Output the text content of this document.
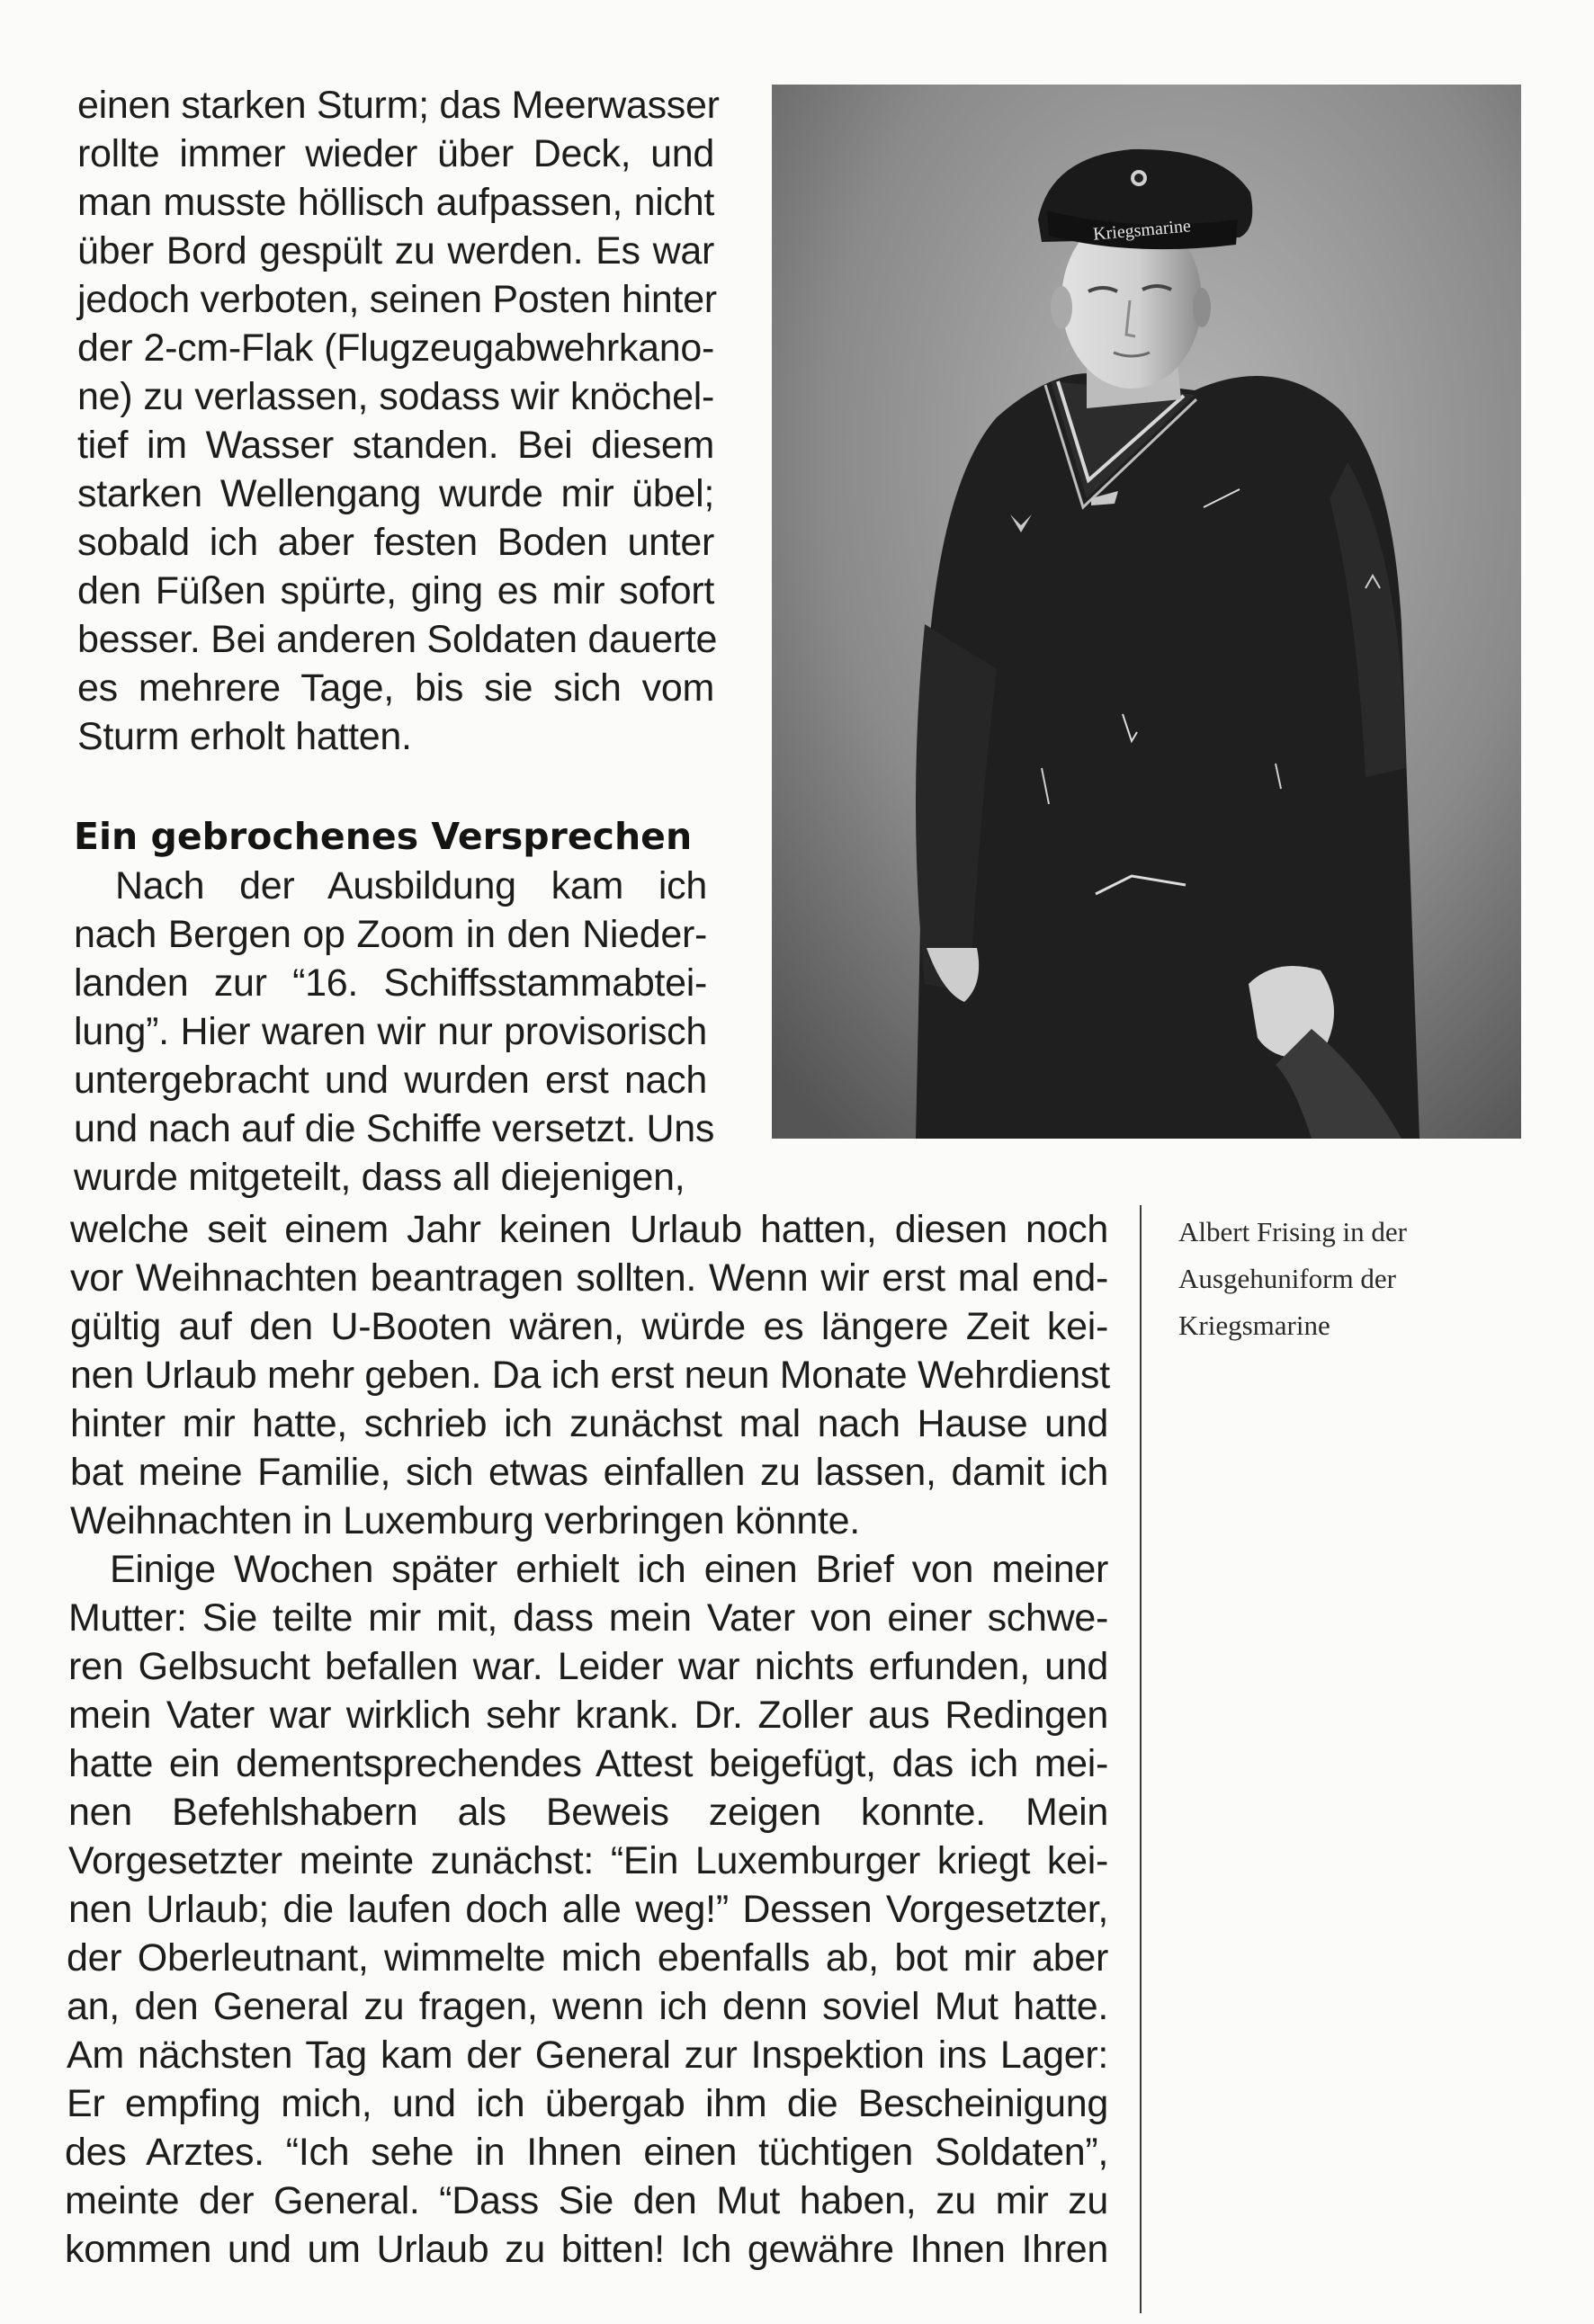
einen starken Sturm; das Meerwasser

rollte immer wieder über Deck, und

man musste höllisch aufpassen, nicht

über Bord gespült zu werden. Es war

jedoch verboten, seinen Posten hinter

der 2-cm-Flak (Flugzeugabwehrkano-

ne) zu verlassen, sodass wir knöchel-

tief im Wasser standen. Bei diesem

starken Wellengang wurde mir übel;

sobald ich aber festen Boden unter

den Füßen spürte, ging es mir sofort

besser. Bei anderen Soldaten dauerte

es mehrere Tage, bis sie sich vom

Sturm erholt hatten.

Ein gebrochenes Versprechen

Nach der Ausbildung kam ich

nach Bergen op Zoom in den Nieder-

landen zur “16. Schiffsstammabtei-

lung”. Hier waren wir nur provisorisch

untergebracht und wurden erst nach

und nach auf die Schiffe versetzt. Uns

wurde mitgeteilt, dass all diejenigen,

welche seit einem Jahr keinen Urlaub hatten, diesen noch

vor Weihnachten beantragen sollten. Wenn wir erst mal end-

gültig auf den U-Booten wären, würde es längere Zeit kei-

nen Urlaub mehr geben. Da ich erst neun Monate Wehrdienst

hinter mir hatte, schrieb ich zunächst mal nach Hause und

bat meine Familie, sich etwas einfallen zu lassen, damit ich

Weihnachten in Luxemburg verbringen könnte.

Einige Wochen später erhielt ich einen Brief von meiner

Mutter: Sie teilte mir mit, dass mein Vater von einer schwe-

ren Gelbsucht befallen war. Leider war nichts erfunden, und

mein Vater war wirklich sehr krank. Dr. Zoller aus Redingen

hatte ein dementsprechendes Attest beigefügt, das ich mei-

nen Befehlshabern als Beweis zeigen konnte. Mein

Vorgesetzter meinte zunächst: “Ein Luxemburger kriegt kei-

nen Urlaub; die laufen doch alle weg!” Dessen Vorgesetzter,

der Oberleutnant, wimmelte mich ebenfalls ab, bot mir aber

an, den General zu fragen, wenn ich denn soviel Mut hatte.

Am nächsten Tag kam der General zur Inspektion ins Lager:

Er empfing mich, und ich übergab ihm die Bescheinigung

des Arztes. “Ich sehe in Ihnen einen tüchtigen Soldaten”,

meinte der General. “Dass Sie den Mut haben, zu mir zu

kommen und um Urlaub zu bitten! Ich gewähre Ihnen Ihren

Kriegsmarine

Albert Frising in der
Ausgehuniform der
Kriegsmarine
